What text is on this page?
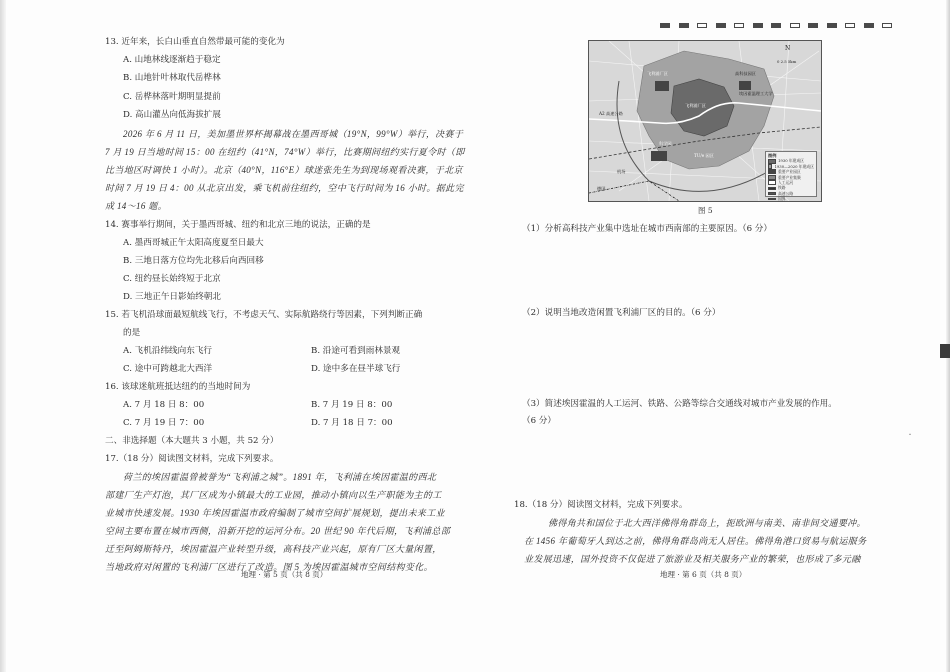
˙
13. 近年来，长白山垂直自然带最可能的变化为
A. 山地林线逐渐趋于稳定
B. 山地针叶林取代岳桦林
C. 岳桦林落叶期明显提前
D. 高山灌丛向低海拔扩展
2026 年 6 月 11 日，美加墨世界杯揭幕战在墨西哥城（19°N，99°W）举行，决赛于
7 月 19 日当地时间 15：00 在纽约（41°N，74°W）举行，比赛期间纽约实行夏令时（即
比当地区时调快 1 小时）。北京（40°N，116°E）球迷张先生为到现场观看决赛，于北京
时间 7 月 19 日 4：00 从北京出发，乘飞机前往纽约，空中飞行时间为 16 小时。据此完
成 14～16 题。
14. 赛事举行期间，关于墨西哥城、纽约和北京三地的说法，正确的是
A. 墨西哥城正午太阳高度夏至日最大
B. 三地日落方位均先北移后向西回移
C. 纽约昼长始终短于北京
D. 三地正午日影始终朝北
15. 若飞机沿球面最短航线飞行，不考虑天气、实际航路绕行等因素，下列判断正确
的是
A. 飞机沿纬线向东飞行	B. 沿途可看到雨林景观
C. 途中可跨越北大西洋	D. 途中多在昼半球飞行
16. 该球迷航班抵达纽约的当地时间为
A. 7 月 18 日 8：00	B. 7 月 19 日 8：00
C. 7 月 19 日 7：00	D. 7 月 18 日 7：00
二、非选择题（本大题共 3 小题，共 52 分）
17.（18 分）阅读图文材料，完成下列要求。
荷兰的埃因霍温曾被誉为“飞利浦之城”。1891 年，飞利浦在埃因霍温的西北
部建厂生产灯泡，其厂区成为小镇最大的工业园，推动小镇向以生产职能为主的工
业城市快速发展。1930 年埃因霍温市政府编制了城市空间扩展规划，提出未来工业
空间主要布置在城市西侧，沿新开挖的运河分布。20 世纪 90 年代后期，飞利浦总部
迁至阿姆斯特丹，埃因霍温产业转型升级，高科技产业兴起，原有厂区大量闲置，
当地政府对闲置的飞利浦厂区进行了改造。图 5 为埃因霍温城市空间结构变化。
地理 · 第 5 页（共 8 页）
N
0 2.5 5km
飞利浦厂区	高科技园区
埃因霍温理工大学
飞利浦厂区
科学园
A2 高速公路
TU/e 园区
机场
德国
图例
1930 年建成区
1930—2020 年建成区
重要产业园区
重要产业集聚
人工运河
铁路
高速公路
国界
图 5
（1）分析高科技产业集中选址在城市西南部的主要原因。（6 分）
（2）说明当地改造闲置飞利浦厂区的目的。（6 分）
（3）简述埃因霍温的人工运河、铁路、公路等综合交通线对城市产业发展的作用。
（6 分）
18.（18 分）阅读图文材料，完成下列要求。
佛得角共和国位于北大西洋佛得角群岛上，扼欧洲与南美、南非间交通要冲。
在 1456 年葡萄牙人到达之前，佛得角群岛尚无人居住。佛得角港口贸易与航运服务
业发展迅速，国外投资不仅促进了旅游业及相关服务产业的繁荣，也形成了多元融
地理 · 第 6 页（共 8 页）
